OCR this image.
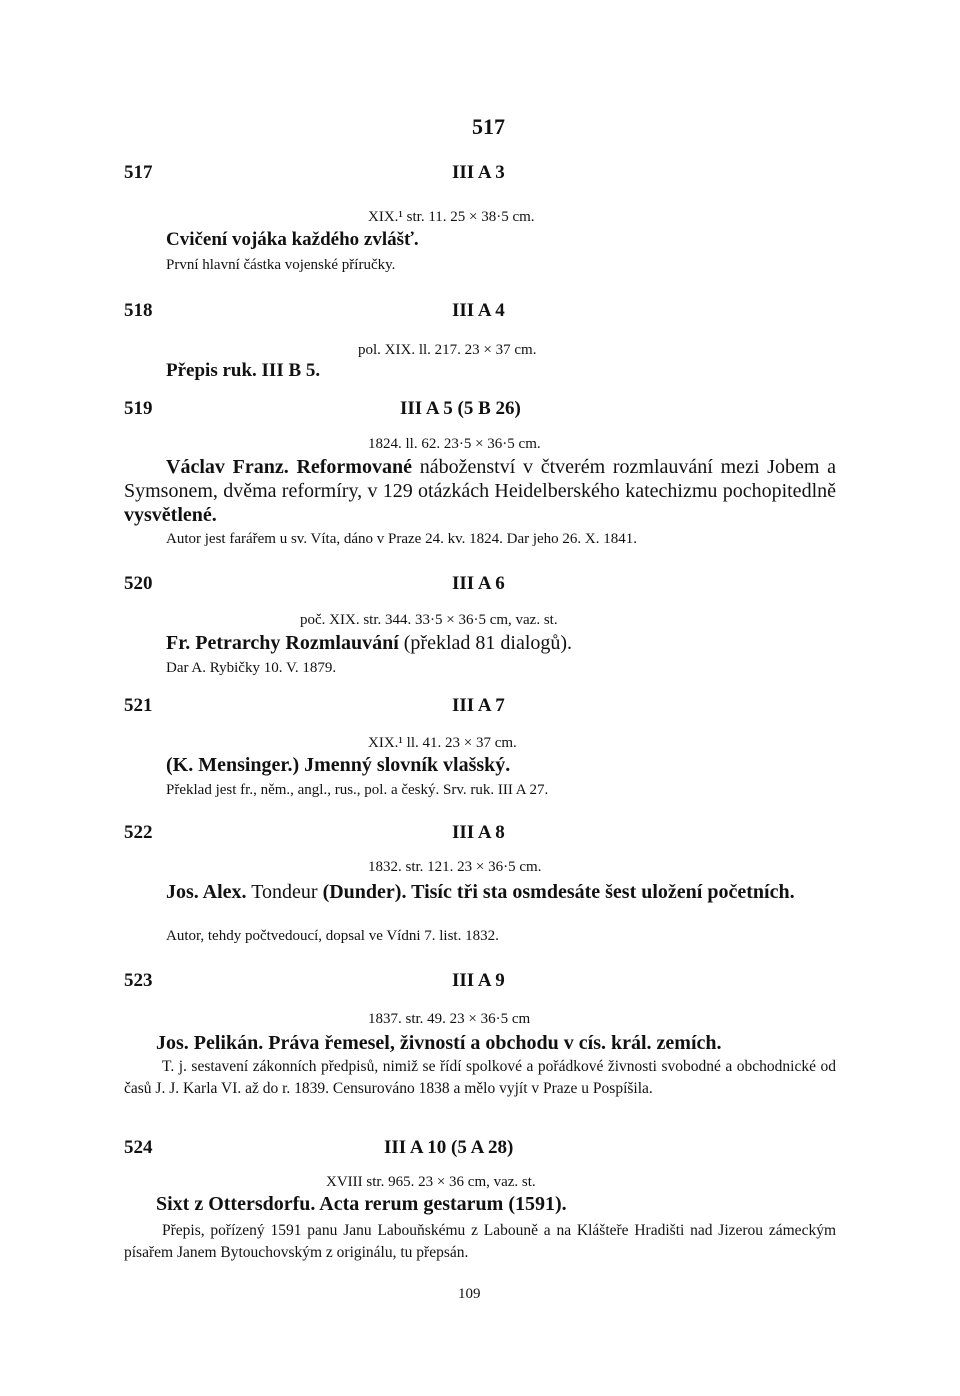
517
517	III A 3
XIX.¹ str. 11. 25 × 38·5 cm.
Cvičení vojáka každého zvlášť.
První hlavní částka vojenské příručky.
518	III A 4
pol. XIX. ll. 217. 23 × 37 cm.
Přepis ruk. III B 5.
519	III A 5 (5 B 26)
1824. ll. 62. 23·5 × 36·5 cm.
Václav Franz. Reformované náboženství v čtverém rozmlauvání mezi Jobem a Symsonem, dvěma reformíry, v 129 otázkách Heidelberského katechizmu pochopitedlně vysvětlené.
Autor jest farářem u sv. Víta, dáno v Praze 24. kv. 1824. Dar jeho 26. X. 1841.
520	III A 6
poč. XIX. str. 344. 33·5 × 36·5 cm, vaz. st.
Fr. Petrarchy Rozmlauvání (překlad 81 dialogů).
Dar A. Rybičky 10. V. 1879.
521	III A 7
XIX.¹ ll. 41. 23 × 37 cm.
(K. Mensinger.) Jmenný slovník vlašský.
Překlad jest fr., něm., angl., rus., pol. a český. Srv. ruk. III A 27.
522	III A 8
1832. str. 121. 23 × 36·5 cm.
Jos. Alex. Tondeur (Dunder). Tisíc tři sta osmdesáte šest uložení početních.
Autor, tehdy počtvedoucí, dopsal ve Vídni 7. list. 1832.
523	III A 9
1837. str. 49. 23 × 36·5 cm
Jos. Pelikán. Práva řemesel, živností a obchodu v cís. král. zemích.
T. j. sestavení zákonních předpisů, nimiž se řídí spolkové a pořádkové živnosti svobodné a obchodnické od časů J. J. Karla VI. až do r. 1839. Censurováno 1838 a mělo vyjít v Praze u Pospíšila.
524	III A 10 (5 A 28)
XVIII str. 965. 23 × 36 cm, vaz. st.
Sixt z Ottersdorfu. Acta rerum gestarum (1591).
Přepis, pořízený 1591 panu Janu Labouňskému z Labouně a na Klášteře Hradišti nad Jizerou zámeckým písařem Janem Bytouchovským z originálu, tu přepsán.
109
